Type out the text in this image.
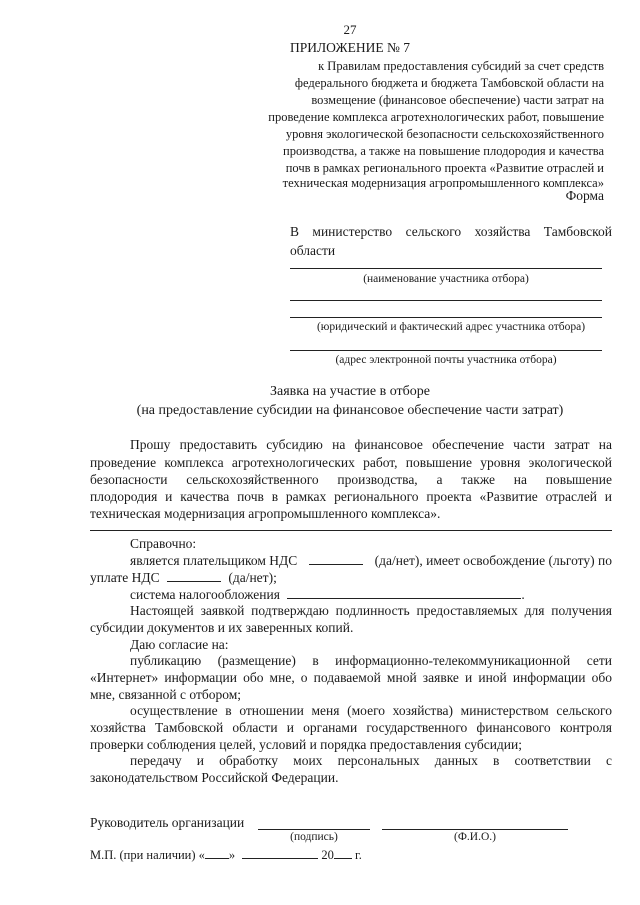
27
ПРИЛОЖЕНИЕ № 7
к Правилам предоставления субсидий за счет средств
федерального бюджета и бюджета Тамбовской области на
возмещение (финансовое обеспечение) части затрат на
проведение комплекса агротехнологических работ, повышение
уровня экологической безопасности сельскохозяйственного
производства, а также на повышение плодородия и качества
почв в рамках регионального проекта «Развитие отраслей и
техническая модернизация агропромышленного комплекса»
Форма
В министерство сельского хозяйства Тамбовской области
(наименование участника отбора)
(юридический и фактический адрес участника отбора)
(адрес электронной почты участника отбора)
Заявка на участие в отборе
(на предоставление субсидии на финансовое обеспечение части затрат)
Прошу предоставить субсидию на финансовое обеспечение части затрат на
проведение комплекса агротехнологических работ, повышение уровня экологической
безопасности сельскохозяйственного производства, а также на повышение
плодородия и качества почв в рамках регионального проекта «Развитие отраслей и
техническая модернизация агропромышленного комплекса».
Справочно:
является плательщиком НДС	(да/нет), имеет освобождение (льготу) по
уплате НДС	(да/нет);
система налогообложения	.
Настоящей заявкой подтверждаю подлинность предоставляемых для получения
субсидии документов и их заверенных копий.
Даю согласие на:
публикацию (размещение) в информационно-телекоммуникационной сети
«Интернет» информации обо мне, о подаваемой мной заявке и иной информации обо
мне, связанной с отбором;
осуществление в отношении меня (моего хозяйства) министерством сельского
хозяйства Тамбовской области и органами государственного финансового контроля
проверки соблюдения целей, условий и порядка предоставления субсидии;
передачу и обработку моих персональных данных в соответствии с
законодательством Российской Федерации.
Руководитель организации
(подпись)	(Ф.И.О.)
М.П. (при наличии) « »	20 г.
